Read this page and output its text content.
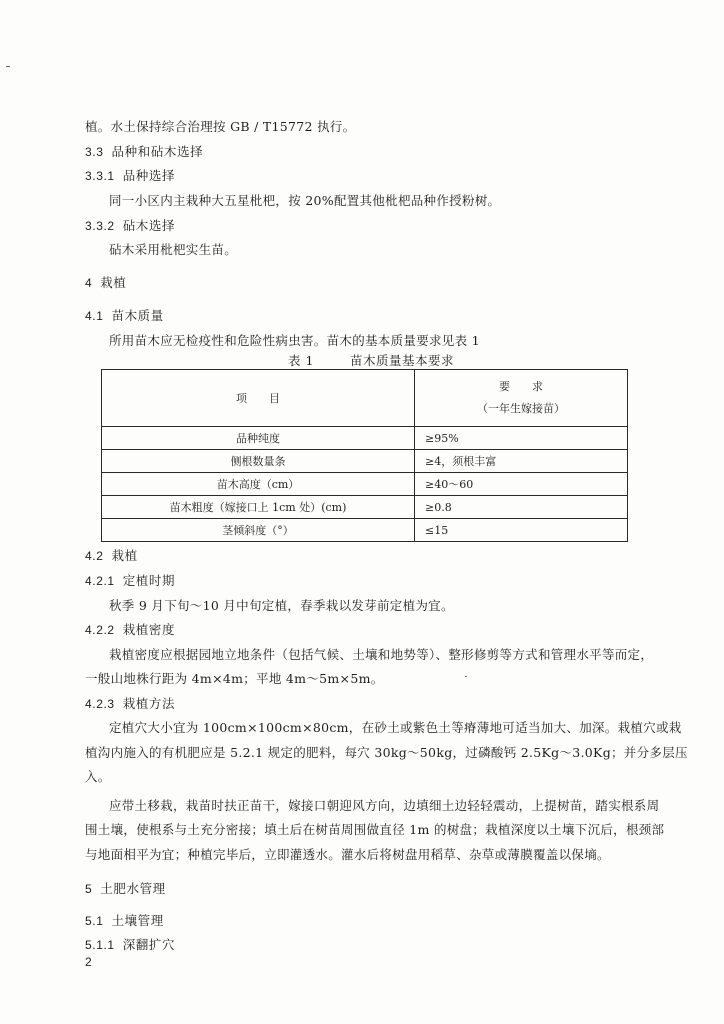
植。水土保持综合治理按 GB / T15772 执行。
3.3 品种和砧木选择
3.3.1 品种选择
同一小区内主栽种大五星枇杷，按 20%配置其他枇杷品种作授粉树。
3.3.2 砧木选择
砧木采用枇杷实生苗。
4 栽植
4.1 苗木质量
所用苗木应无检疫性和危险性病虫害。苗木的基本质量要求见表 1
表 1	苗木质量基本要求
项　　目	要　　求
（一年生嫁接苗）

品种纯度	≥95%
侧根数量条	≥4，须根丰富
苗木高度（cm）	≥40～60
苗木粗度（嫁接口上 1cm 处）(cm)	≥0.8
茎倾斜度（°）	≤15
4.2 栽植
4.2.1 定植时期
秋季 9 月下旬～10 月中旬定植，春季栽以发芽前定植为宜。
4.2.2 栽植密度
栽植密度应根据园地立地条件（包括气候、土壤和地势等）、整形修剪等方式和管理水平等而定，
一般山地株行距为 4m×4m；平地 4m～5m×5m。
4.2.3 栽植方法
定植穴大小宜为 100cm×100cm×80cm，在砂土或紫色土等瘠薄地可适当加大、加深。栽植穴或栽
植沟内施入的有机肥应是 5.2.1 规定的肥料，每穴 30kg～50kg，过磷酸钙 2.5Kg～3.0Kg；并分多层压
入。
应带土移栽，栽苗时扶正苗干，嫁接口朝迎风方向，边填细土边轻轻震动，上提树苗，踏实根系周
围土壤，使根系与土充分密接；填土后在树苗周围做直径 1m 的树盘；栽植深度以土壤下沉后，根颈部
与地面相平为宜；种植完毕后，立即灌透水。灌水后将树盘用稻草、杂草或薄膜覆盖以保墒。
5 土肥水管理
5.1 土壤管理
5.1.1 深翻扩穴
2
